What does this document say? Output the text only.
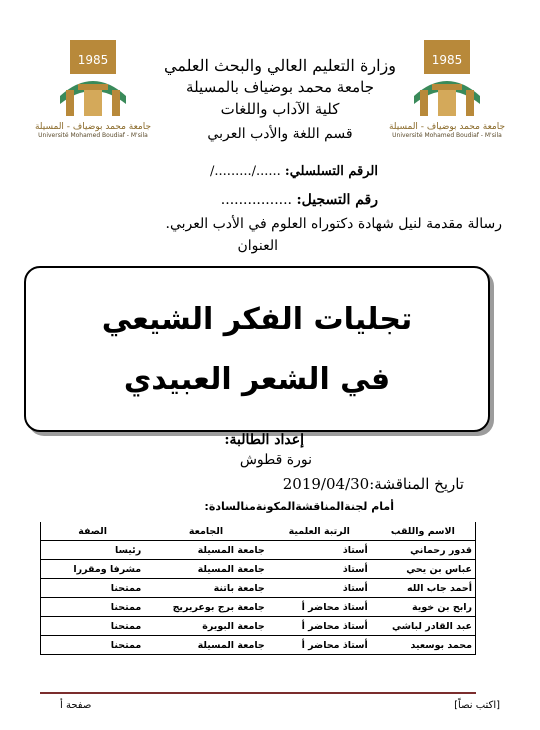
1985
جامعة محمد بوضياف - المسيلة
Université Mohamed Boudiaf - M'sila
1985
جامعة محمد بوضياف - المسيلة
Université Mohamed Boudiaf - M'sila
وزارة التعليم العالي والبحث العلمي
جامعة محمد بوضياف بالمسيلة
كلية الآداب واللغات
قسم اللغة والأدب العربي
الرقم التسلسلي: ....../........./
رقم التسجيل: ................
رسالة مقدمة لنيل شهادة دكتوراه العلوم في الأدب العربي.
العنوان
تجليات الفكر الشيعي
في الشعر العبيدي
إعداد الطالبة:
نورة قطوش
تاريخ المناقشة:2019/04/30
أمام لجنةالمناقشةالمكونةمنالسادة:
الاسم واللقب	الرتبة العلمية	الجامعة	الصفة
قدور رحماني	أستاذ	جامعة المسيلة	رئيسا
عباس بن يحي	أستاذ	جامعة المسيلة	مشرفا ومقررا
أحمد جاب الله	أستاذ	جامعة باتنة	ممتحنا
رابح بن خوية	أستاذ محاضر أ	جامعة برج بوعريريج	ممتحنا
عبد القادر لباشي	أستاذ محاضر أ	جامعة البويرة	ممتحنا
محمد بوسعيد	أستاذ محاضر أ	جامعة المسيلة	ممتحنا
[اكتب نصاً]
صفحة أ
